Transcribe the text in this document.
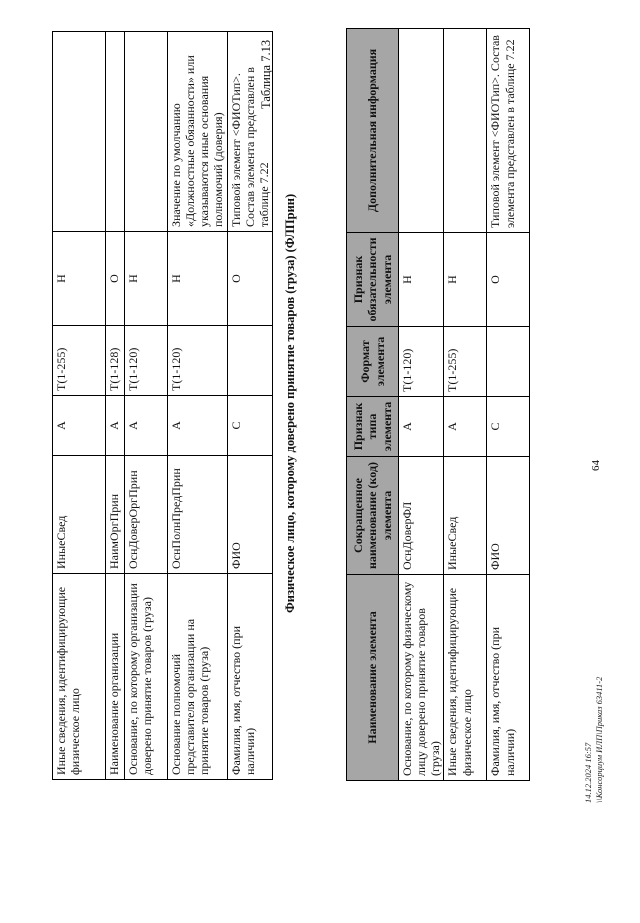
64
Иные сведения, идентифицирующие физическое лицо	ИныеСвед	А	Т(1-255)	Н	
Наименование организации	НаимОргПрин	А	Т(1-128)	О	
Основание, по которому организации доверено принятие товаров (груза)	ОснДоверОргПрин	А	Т(1-120)	Н	
Основание полномочий представителя организации на принятие товаров (груза)	ОснПолнПредПрин	А	Т(1-120)	Н	Значение по умолчанию «Должностные обязанности» или указываются иные основания полномочий (доверия)
Фамилия, имя, отчество (при наличии)	ФИО	С		О	Типовой элемент <ФИОТип>. Состав элемента представлен в таблице 7.22
Таблица 7.13
Физическое лицо, которому доверено принятие товаров (груза) (ФЛПрин)
Наименование элемента	Сокращенное наименование (код) элемента	Признак типа элемента	Формат элемента	Признак обязательности элемента	Дополнительная информация
Основание, по которому физическому лицу доверено принятие товаров (груза)	ОснДоверФЛ	А	Т(1-120)	Н	
Иные сведения, идентифицирующие физическое лицо	ИныеСвед	А	Т(1-255)	Н	
Фамилия, имя, отчество (при наличии)	ФИО	С		О	Типовой элемент <ФИОТип>. Состав элемента представлен в таблице 7.22
14.12.2024 16:57 \\Консорциум ИЛП\Приказ 63411-2
